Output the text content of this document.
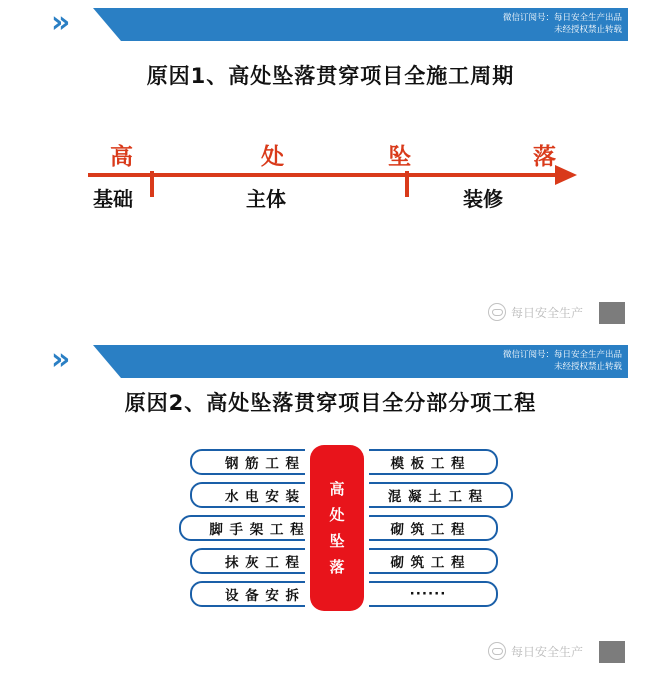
»	微信订阅号：每日安全生产出品
未经授权禁止转载
原因1、高处坠落贯穿项目全施工周期
高	处	坠	落
基础	主体	装修
每日安全生产
»	微信订阅号：每日安全生产出品
未经授权禁止转载
原因2、高处坠落贯穿项目全分部分项工程
钢 筋 工 程
水 电 安 装
脚 手 架 工 程
抹 灰 工 程
设 备 安 拆
模 板 工 程
混 凝 土 工 程
砌 筑 工 程
砌 筑 工 程
······
高
处
坠
落
每日安全生产
